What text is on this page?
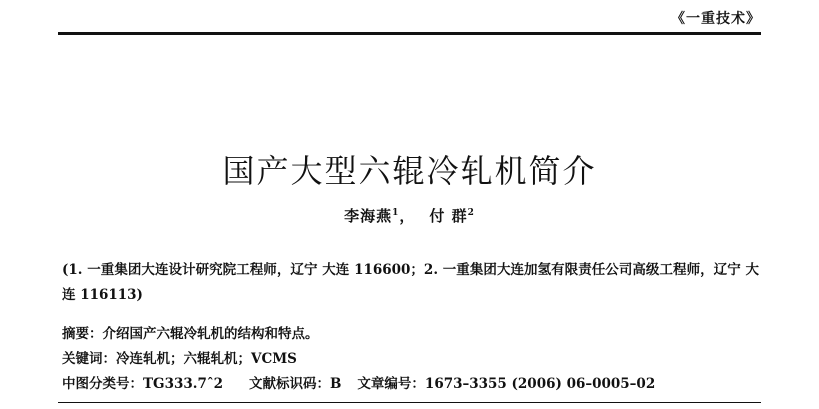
《一重技术》
国产大型六辊冷轧机简介
李海燕$^1$， 付 群$^2$
(1. 一重集团大连设计研究院工程师，辽宁 大连 116600；2. 一重集团大连加氢有限责任公司高级工程师，辽宁 大连 116113)
摘要：介绍国产六辊冷轧机的结构和特点。
关键词：冷连轧机；六辊轧机；VCMS
中图分类号：TG333.7ˆ2 文献标识码：B 文章编号：1673–3355 (2006) 06–0005–02
